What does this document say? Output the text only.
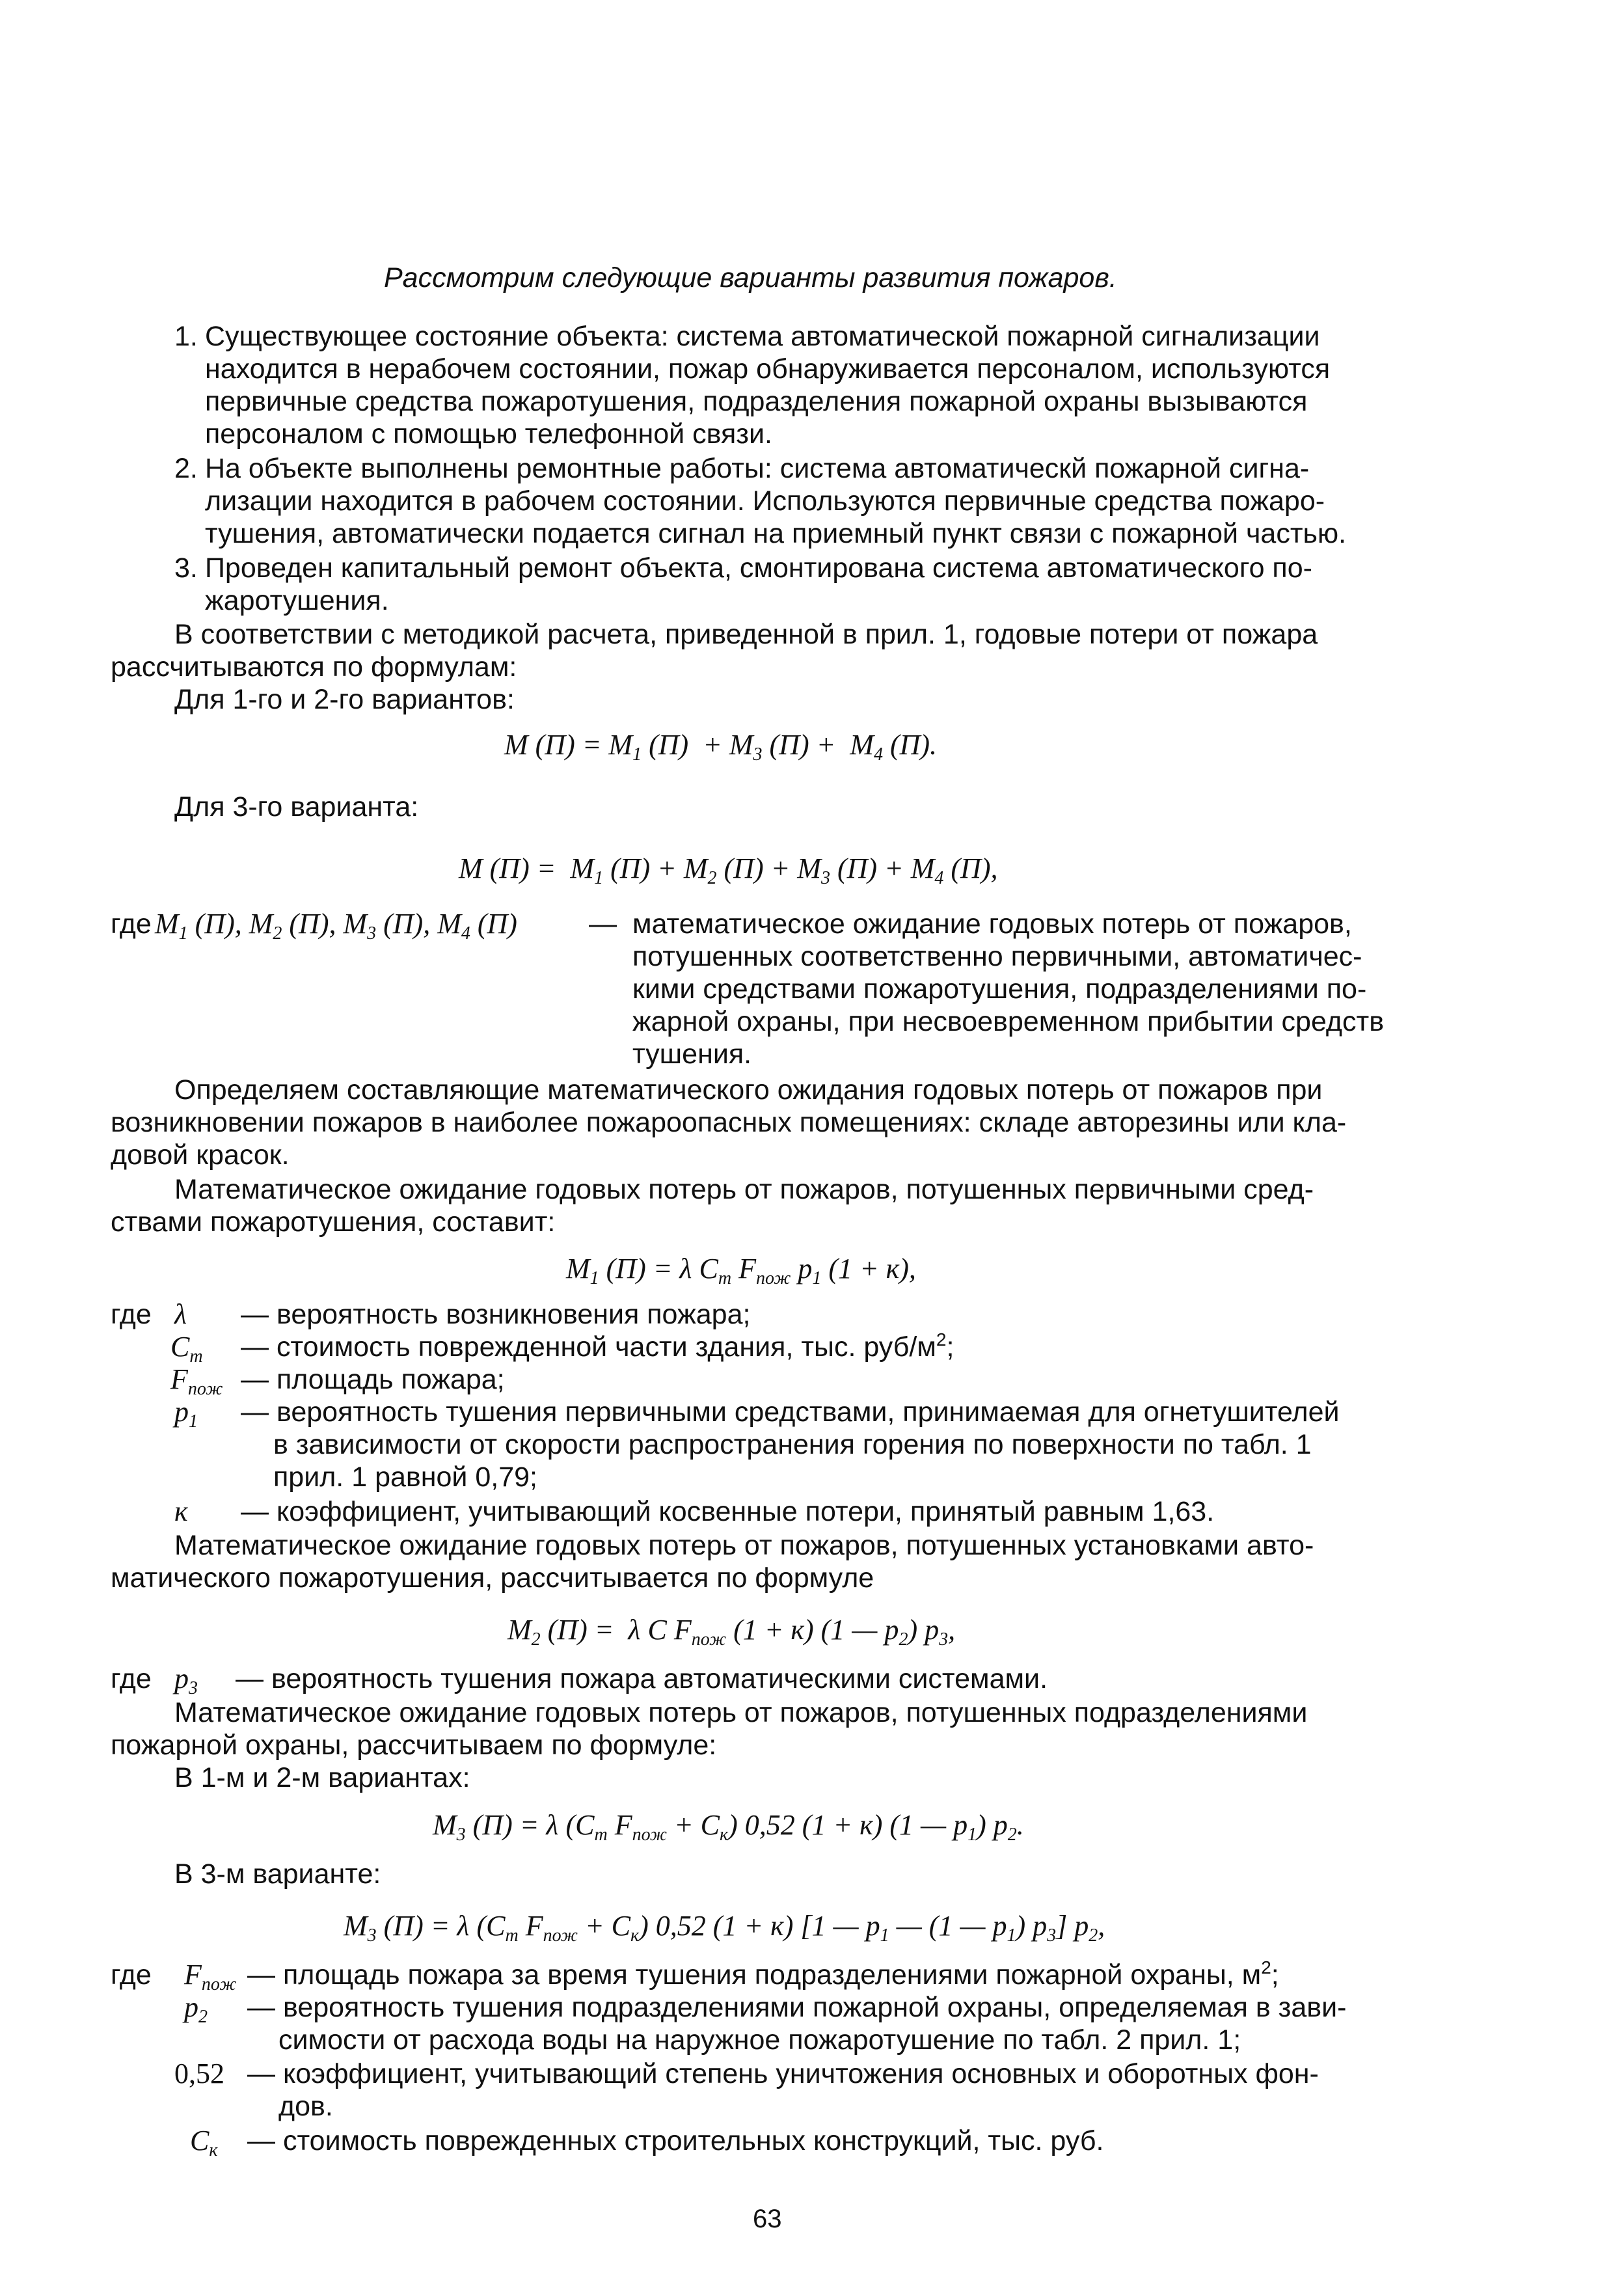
Рассмотрим следующие варианты развития пожаров.
1. Существующее состояние объекта: система автоматической пожарной сигнализации
находится в нерабочем состоянии, пожар обнаруживается персоналом, используются
первичные средства пожаротушения, подразделения пожарной охраны вызываются
персоналом с помощью телефонной связи.
2. На объекте выполнены ремонтные работы: система автоматическй пожарной сигна-
лизации находится в рабочем состоянии. Используются первичные средства пожаро-
тушения, автоматически подается сигнал на приемный пункт связи с пожарной частью.
3. Проведен капитальный ремонт объекта, смонтирована система автоматического по-
жаротушения.
В соответствии с методикой расчета, приведенной в прил. 1, годовые потери от пожара
рассчитываются по формулам:
Для 1-го и 2-го вариантов:
M $(П) = M_1$ $(П) + M_3$ $(П) + M_4$ (П).
Для 3-го варианта:
M $(П) = M_1$ $(П) + M_2$ $(П) + M_3$ $(П) + M_4$ (П),
где $M_1$ (П), $M_2$ (П), $M_3$ (П), $M_4$ (П)	— математическое ожидание годовых потерь от пожаров,
потушенных соответственно первичными, автоматичес-
кими средствами пожаротушения, подразделениями по-
жарной охраны, при несвоевременном прибытии средств
тушения.
Определяем составляющие математического ожидания годовых потерь от пожаров при
возникновении пожаров в наиболее пожароопасных помещениях: складе авторезины или кла-
довой красок.
Математическое ожидание годовых потерь от пожаров, потушенных первичными сред-
ствами пожаротушения, составит:
$M_1$ (П) = λ $C_т$ $F_{пож}$ $p_1$ (1 + к),
где λ — вероятность возникновения пожара;
$C_т$ — стоимость поврежденной части здания, тыс. руб/$м^2$;
$F_{пож}$ — площадь пожара;
$p_1$ — вероятность тушения первичными средствами, принимаемая для огнетушителей
в зависимости от скорости распространения горения по поверхности по табл. 1
прил. 1 равной 0,79;
к — коэффициент, учитывающий косвенные потери, принятый равным 1,63.
Математическое ожидание годовых потерь от пожаров, потушенных установками авто-
матического пожаротушения, рассчитывается по формуле
$M_2$ (П) =  λ C $F_{пож}$ (1 + к) (1 — $p_2$) $p_3$,
где $p_3$ — вероятность тушения пожара автоматическими системами.
Математическое ожидание годовых потерь от пожаров, потушенных подразделениями
пожарной охраны, рассчитываем по формуле:
В 1-м и 2-м вариантах:
$M_3$ (П) = λ ($C_т$ $F_{пож} + C_к$) 0,52 (1 + к) (1 — $p_1$) $p_2$.
В 3-м варианте:
$M_3$ (П) = λ ($C_т$ $F_{пож} + C_к$) 0,52 (1 + к) [1 — $p_1$ — (1 — $p_1$) $p_3$] $p_2$,
где $F_{пож}$ — площадь пожара за время тушения подразделениями пожарной охраны, $м^2$;
$p_2$ — вероятность тушения подразделениями пожарной охраны, определяемая в зави-
симости от расхода воды на наружное пожаротушение по табл. 2 прил. 1;
0,52 — коэффициент, учитывающий степень уничтожения основных и оборотных фон-
дов.
$C_к$ — стоимость поврежденных строительных конструкций, тыс. руб.
63
